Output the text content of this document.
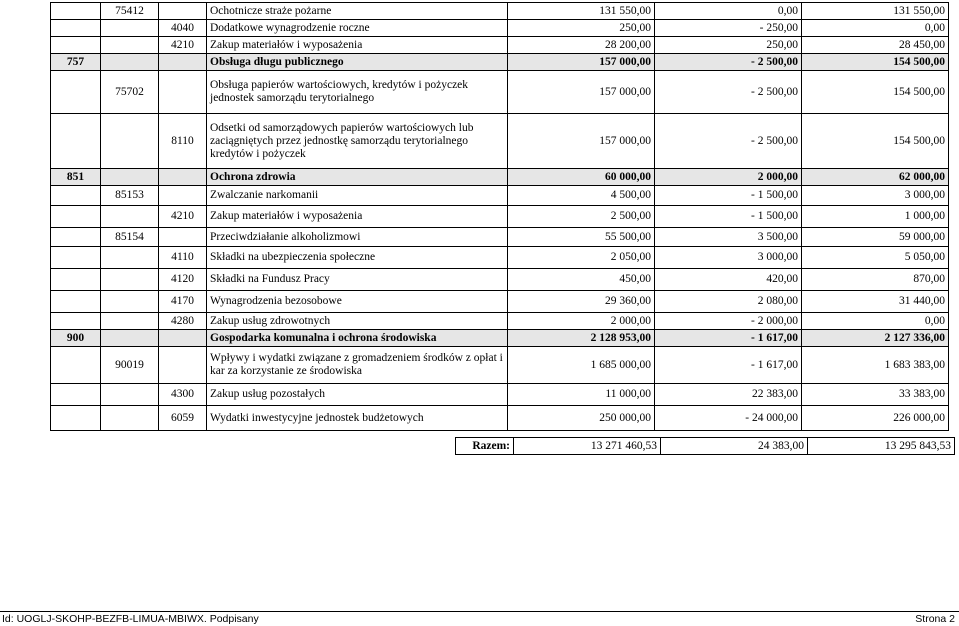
	75412		Ochotnicze straże pożarne	131 550,00	0,00	131 550,00
		4040	Dodatkowe wynagrodzenie roczne	250,00	- 250,00	0,00
		4210	Zakup materiałów i wyposażenia	28 200,00	250,00	28 450,00
757			Obsługa długu publicznego	157 000,00	- 2 500,00	154 500,00
	75702		Obsługa papierów wartościowych, kredytów i pożyczek jednostek samorządu terytorialnego	157 000,00	- 2 500,00	154 500,00
		8110	Odsetki od samorządowych papierów wartościowych lub zaciągniętych przez jednostkę samorządu terytorialnego kredytów i pożyczek	157 000,00	- 2 500,00	154 500,00
851			Ochrona zdrowia	60 000,00	2 000,00	62 000,00
	85153		Zwalczanie narkomanii	4 500,00	- 1 500,00	3 000,00
		4210	Zakup materiałów i wyposażenia	2 500,00	- 1 500,00	1 000,00
	85154		Przeciwdziałanie alkoholizmowi	55 500,00	3 500,00	59 000,00
		4110	Składki na ubezpieczenia społeczne	2 050,00	3 000,00	5 050,00
		4120	Składki na Fundusz Pracy	450,00	420,00	870,00
		4170	Wynagrodzenia bezosobowe	29 360,00	2 080,00	31 440,00
		4280	Zakup usług zdrowotnych	2 000,00	- 2 000,00	0,00
900			Gospodarka komunalna i ochrona środowiska	2 128 953,00	- 1 617,00	2 127 336,00
	90019		Wpływy i wydatki związane z gromadzeniem środków z opłat i kar za korzystanie ze środowiska	1 685 000,00	- 1 617,00	1 683 383,00
		4300	Zakup usług pozostałych	11 000,00	22 383,00	33 383,00
		6059	Wydatki inwestycyjne jednostek budżetowych	250 000,00	- 24 000,00	226 000,00
Razem:	13 271 460,53	24 383,00	13 295 843,53
Id: UOGLJ-SKOHP-BEZFB-LIMUA-MBIWX. Podpisany	Strona 2
